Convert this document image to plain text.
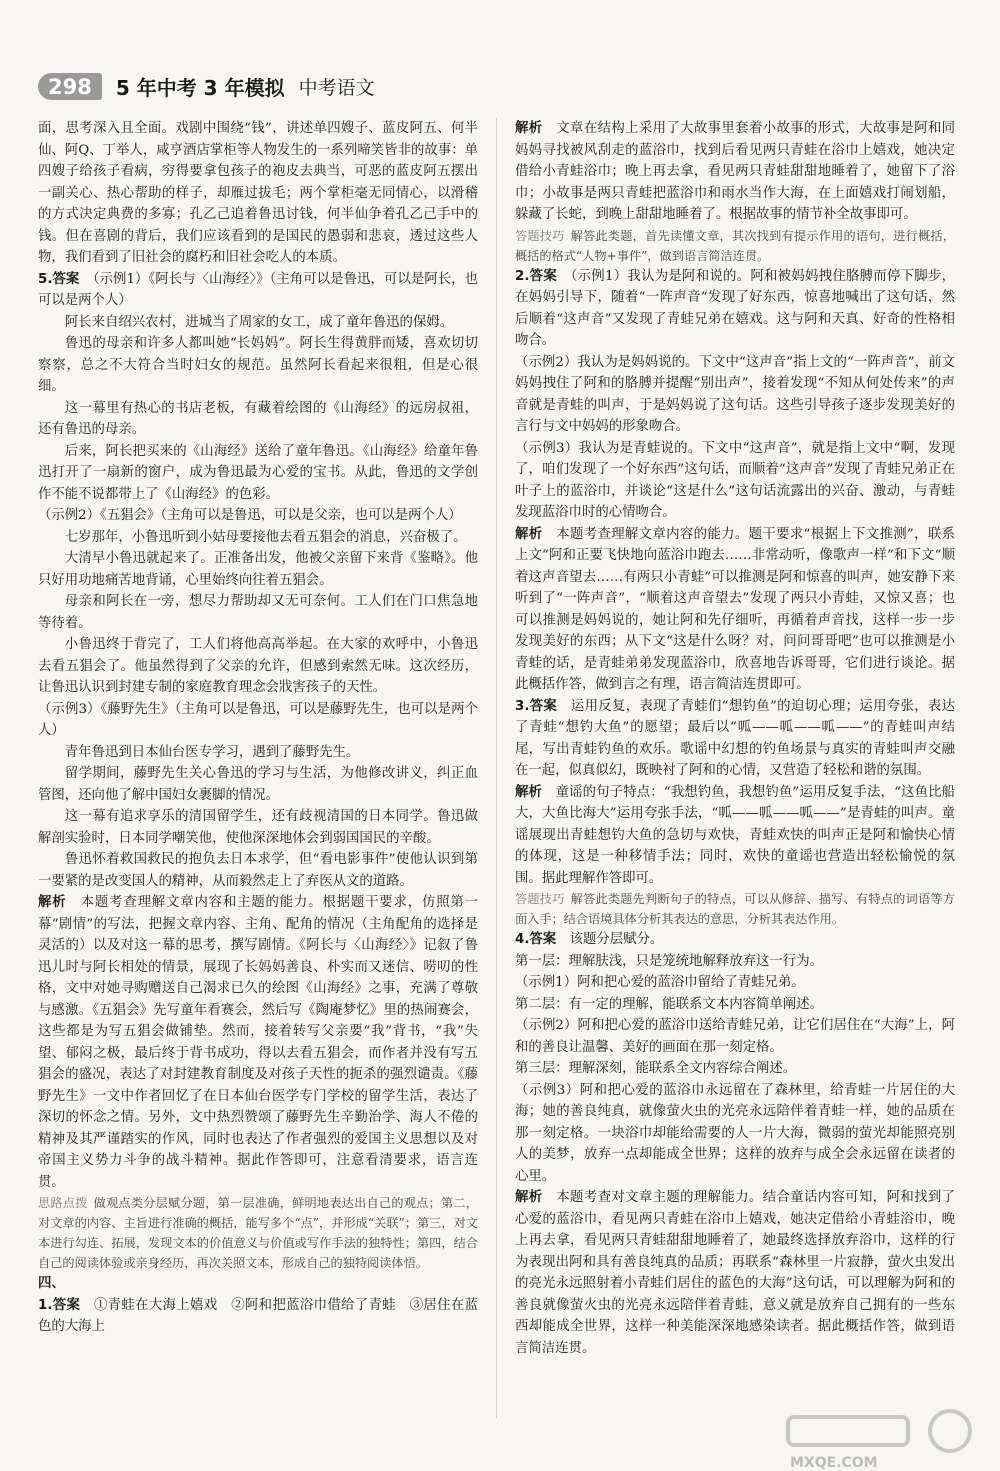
298	5 年中考 3 年模拟 中考语文

面，思考深入且全面。戏剧中围绕“钱”，讲述单四嫂子、蓝皮阿五、何半仙、阿Q、丁举人，咸亨酒店掌柜等人物发生的一系列啼笑皆非的故事：单四嫂子给孩子看病，穷得要拿包孩子的袍皮去典当，可恶的蓝皮阿五摆出一副关心、热心帮助的样子，却雁过拔毛；两个掌柜毫无同情心，以滑稽的方式决定典费的多寡；孔乙己追着鲁迅讨钱，何半仙争着孔乙己手中的钱。但在喜剧的背后，我们应该看到的是国民的愚弱和悲哀，透过这些人物，我们看到了旧社会的腐朽和旧社会吃人的本质。

5.答案　 （示例1）《阿长与〈山海经〉》（主角可以是鲁迅，可以是阿长，也可以是两个人）

阿长来自绍兴农村，进城当了周家的女工，成了童年鲁迅的保姆。

鲁迅的母亲和许多人都叫她“长妈妈”。阿长生得黄胖而矮，喜欢切切察察，总之不大符合当时妇女的规范。虽然阿长看起来很粗，但是心很细。

这一幕里有热心的书店老板，有藏着绘图的《山海经》的远房叔祖，还有鲁迅的母亲。

后来，阿长把买来的《山海经》送给了童年鲁迅。《山海经》给童年鲁迅打开了一扇新的窗户，成为鲁迅最为心爱的宝书。从此，鲁迅的文学创作不能不说都带上了《山海经》的色彩。

（示例2）《五猖会》（主角可以是鲁迅，可以是父亲，也可以是两个人）

七岁那年，小鲁迅听到小姑母要接他去看五猖会的消息，兴奋极了。

大清早小鲁迅就起来了。正准备出发，他被父亲留下来背《鉴略》。他只好用功地痛苦地背诵，心里始终向往着五猖会。

母亲和阿长在一旁，想尽力帮助却又无可奈何。工人们在门口焦急地等待着。

小鲁迅终于背完了，工人们将他高高举起。在大家的欢呼中，小鲁迅去看五猖会了。他虽然得到了父亲的允许，但感到索然无味。这次经历，让鲁迅认识到封建专制的家庭教育理念会戕害孩子的天性。

（示例3）《藤野先生》（主角可以是鲁迅，可以是藤野先生，也可以是两个人）

青年鲁迅到日本仙台医专学习，遇到了藤野先生。

留学期间，藤野先生关心鲁迅的学习与生活，为他修改讲义，纠正血管图，还向他了解中国妇女裹脚的情况。

这一幕有追求享乐的清国留学生，还有歧视清国的日本同学。鲁迅做解剖实验时，日本同学嘲笑他，使他深深地体会到弱国国民的辛酸。

鲁迅怀着救国救民的抱负去日本求学，但“看电影事件”使他认识到第一要紧的是改变国人的精神，从而毅然走上了弃医从文的道路。

解析　 本题考查理解文章内容和主题的能力。根据题干要求，仿照第一幕“剧情”的写法，把握文章内容、主角、配角的情况（主角配角的选择是灵活的）以及对这一幕的思考，撰写剧情。《阿长与〈山海经〉》记叙了鲁迅儿时与阿长相处的情景，展现了长妈妈善良、朴实而又迷信、唠叨的性格，文中对她寻购赠送自己渴求已久的绘图《山海经》之事，充满了尊敬与感激。《五猖会》先写童年看赛会，然后写《陶庵梦忆》里的热闹赛会，这些都是为写五猖会做铺垫。然而，接着转写父亲要“我”背书，“我”失望、郁闷之极，最后终于背书成功，得以去看五猖会，而作者并没有写五猖会的盛况，表达了对封建教育制度及对孩子天性的扼杀的强烈谴责。《藤野先生》一文中作者回忆了在日本仙台医学专门学校的留学生活，表达了深切的怀念之情。另外，文中热烈赞颂了藤野先生辛勤治学、海人不倦的精神及其严谨踏实的作风，同时也表达了作者强烈的爱国主义思想以及对帝国主义势力斗争的战斗精神。据此作答即可，注意看清要求，语言连贯。

思路点拨 做观点类分层赋分题，第一层准确，鲜明地表达出自己的观点；第二，对文章的内容、主旨进行准确的概括，能写多个“点”，并形成“关联”；第三，对文本进行勾连、拓展，发现文本的价值意义与价值或写作手法的独特性；第四，结合自己的阅读体验或亲身经历，再次关照文本，形成自己的独特阅读体悟。

四、

1.答案　 ①青蛙在大海上嬉戏　②阿和把蓝浴巾借给了青蛙　③居住在蓝色的大海上

解析　 文章在结构上采用了大故事里套着小故事的形式，大故事是阿和同妈妈寻找被风刮走的蓝浴巾，找到后看见两只青蛙在浴巾上嬉戏，她决定借给小青蛙浴巾；晚上再去拿，看见两只青蛙甜甜地睡着了，她留下了浴巾；小故事是两只青蛙把蓝浴巾和雨水当作大海，在上面嬉戏打闹划船，躲藏了长蛇，到晚上甜甜地睡着了。根据故事的情节补全故事即可。

答题技巧 解答此类题，首先读懂文章，其次找到有提示作用的语句，进行概括，概括的格式“人物+事件”，做到语言简洁连贯。

2.答案　 （示例1）我认为是阿和说的。阿和被妈妈拽住胳膊而停下脚步，在妈妈引导下，随着“一阵声音”发现了好东西，惊喜地喊出了这句话，然后顺着“这声音”又发现了青蛙兄弟在嬉戏。这与阿和天真、好奇的性格相吻合。

（示例2）我认为是妈妈说的。下文中“这声音”指上文的“一阵声音”，前文妈妈拽住了阿和的胳膊并提醒“别出声”，接着发现“不知从何处传来”的声音就是青蛙的叫声，于是妈妈说了这句话。这些引导孩子逐步发现美好的言行与文中妈妈的形象吻合。

（示例3）我认为是青蛙说的。下文中“这声音”，就是指上文中“啊，发现了，咱们发现了一个好东西”这句话，而顺着“这声音”发现了青蛙兄弟正在叶子上的蓝浴巾，并谈论“这是什么”这句话流露出的兴奋、激动，与青蛙发现蓝浴巾时的心情吻合。

解析　 本题考查理解文章内容的能力。题干要求“根据上下文推测”，联系上文“阿和正要飞快地向蓝浴巾跑去……非常动听，像歌声一样”和下文“顺着这声音望去……有两只小青蛙”可以推测是阿和惊喜的叫声，她安静下来听到了“一阵声音”，“顺着这声音望去”发现了两只小青蛙，又惊又喜；也可以推测是妈妈说的，她让阿和先仔细听，再循着声音找，这样一步一步发现美好的东西；从下文“这是什么呀？对，问问哥哥吧”也可以推测是小青蛙的话，是青蛙弟弟发现蓝浴巾，欣喜地告诉哥哥，它们进行谈论。据此概括作答，做到言之有理，语言简洁连贯即可。

3.答案　 运用反复，表现了青蛙们“想钓鱼”的迫切心理；运用夸张，表达了青蛙“想钓大鱼”的愿望；最后以“呱——呱——呱——”的青蛙叫声结尾，写出青蛙钓鱼的欢乐。歌谣中幻想的钓鱼场景与真实的青蛙叫声交融在一起，似真似幻，既映衬了阿和的心情，又营造了轻松和谐的氛围。

解析　 童谣的句子特点：“我想钓鱼，我想钓鱼”运用反复手法，“这鱼比船大，大鱼比海大”运用夸张手法，“呱——呱——呱——”是青蛙的叫声。童谣展现出青蛙想钓大鱼的急切与欢快，青蛙欢快的叫声正是阿和愉快心情的体现，这是一种移情手法；同时，欢快的童谣也营造出轻松愉悦的氛围。据此理解作答即可。

答题技巧 解答此类题先判断句子的特点，可以从修辞、描写、有特点的词语等方面入手；结合语境具体分析其表达的意思，分析其表达作用。

4.答案　 该题分层赋分。

第一层：理解肤浅，只是笼统地解释放弃这一行为。

（示例1）阿和把心爱的蓝浴巾留给了青蛙兄弟。

第二层：有一定的理解，能联系文本内容简单阐述。

（示例2）阿和把心爱的蓝浴巾送给青蛙兄弟，让它们居住在“大海”上，阿和的善良让温馨、美好的画面在那一刻定格。

第三层：理解深刻，能联系全文内容综合阐述。

（示例3）阿和把心爱的蓝浴巾永远留在了森林里，给青蛙一片居住的大海；她的善良纯真，就像萤火虫的光亮永远陪伴着青蛙一样，她的品质在那一刻定格。一块浴巾却能给需要的人一片大海，微弱的萤光却能照亮别人的美梦，放弃一点却能成全世界；这样的放弃与成全会永远留在读者的心里。

解析　 本题考查对文章主题的理解能力。结合童话内容可知，阿和找到了心爱的蓝浴巾，看见两只青蛙在浴巾上嬉戏，她决定借给小青蛙浴巾，晚上再去拿，看见两只青蛙甜甜地睡着了，她最终选择放弃浴巾，这样的行为表现出阿和具有善良纯真的品质；再联系“森林里一片寂静，萤火虫发出的亮光永远照射着小青蛙们居住的蓝色的大海”这句话，可以理解为阿和的善良就像萤火虫的光亮永远陪伴着青蛙，意义就是放弃自己拥有的一些东西却能成全世界，这样一种美能深深地感染读者。据此概括作答，做到语言简洁连贯。

MXQE.COM
